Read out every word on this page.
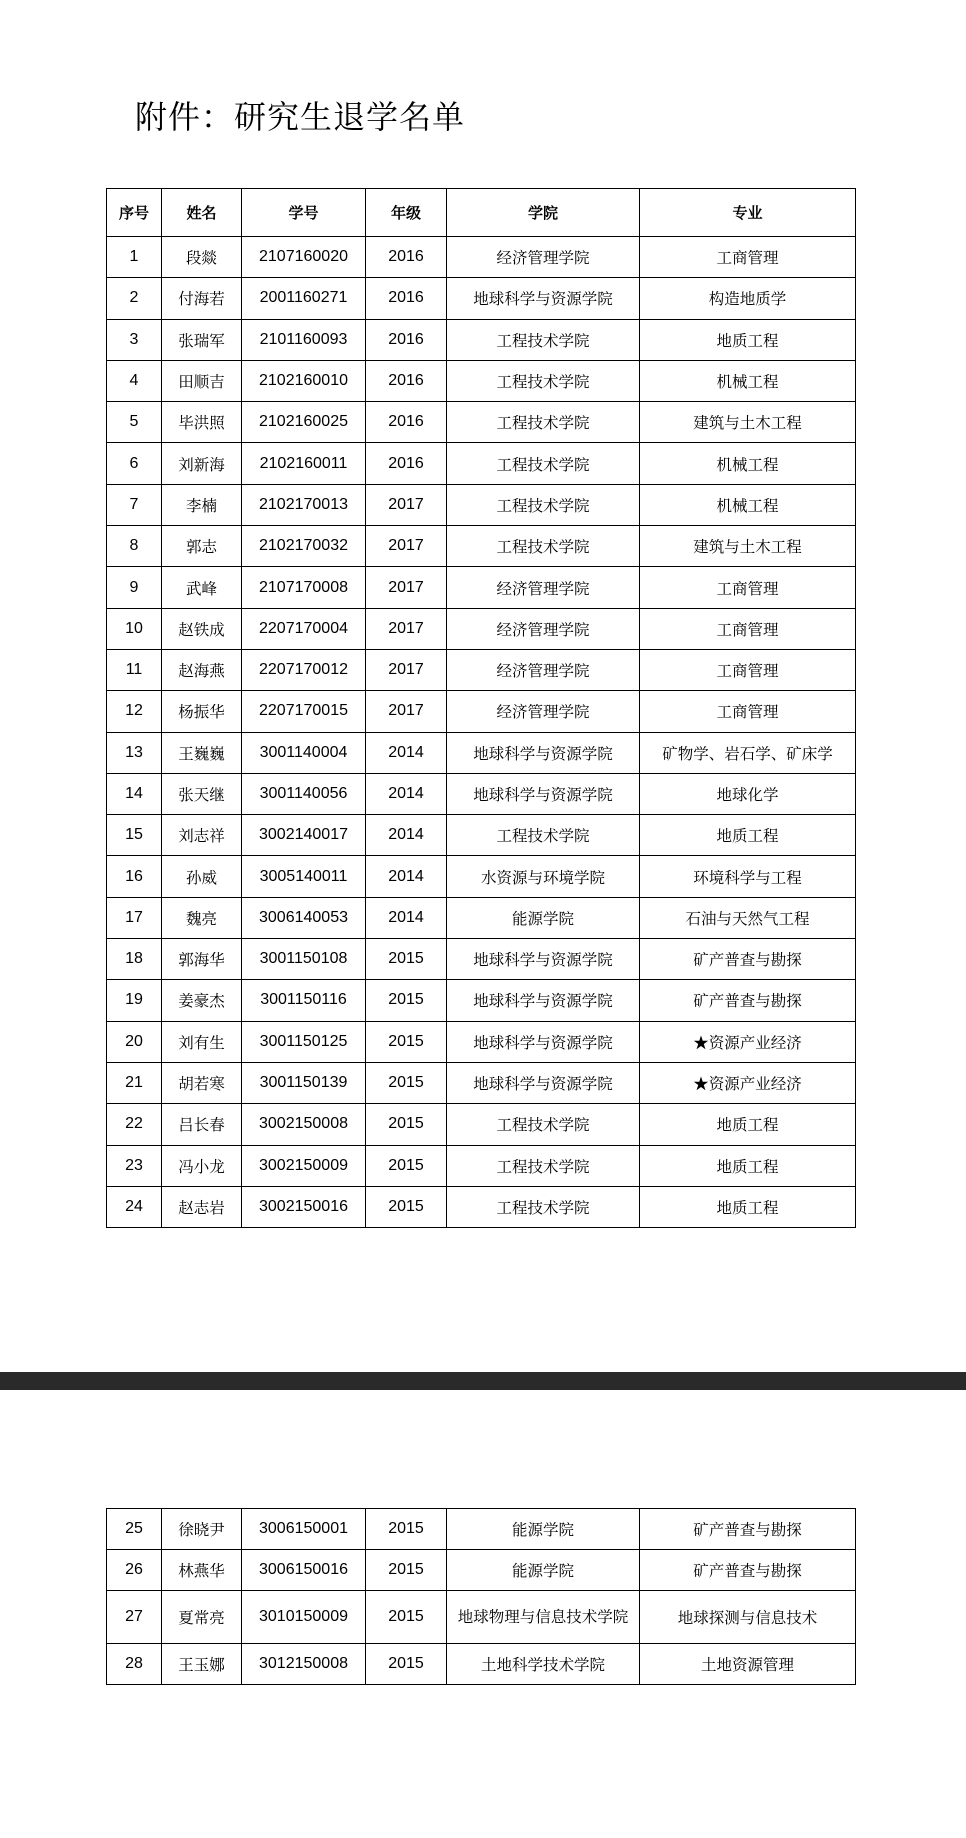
附件：研究生退学名单
序号	姓名	学号	年级	学院	专业
1	段燚	2107160020	2016	经济管理学院	工商管理
2	付海若	2001160271	2016	地球科学与资源学院	构造地质学
3	张瑞军	2101160093	2016	工程技术学院	地质工程
4	田顺吉	2102160010	2016	工程技术学院	机械工程
5	毕洪照	2102160025	2016	工程技术学院	建筑与土木工程
6	刘新海	2102160011	2016	工程技术学院	机械工程
7	李楠	2102170013	2017	工程技术学院	机械工程
8	郭志	2102170032	2017	工程技术学院	建筑与土木工程
9	武峰	2107170008	2017	经济管理学院	工商管理
10	赵铁成	2207170004	2017	经济管理学院	工商管理
11	赵海燕	2207170012	2017	经济管理学院	工商管理
12	杨振华	2207170015	2017	经济管理学院	工商管理
13	王巍巍	3001140004	2014	地球科学与资源学院	矿物学、岩石学、矿床学
14	张天继	3001140056	2014	地球科学与资源学院	地球化学
15	刘志祥	3002140017	2014	工程技术学院	地质工程
16	孙威	3005140011	2014	水资源与环境学院	环境科学与工程
17	魏亮	3006140053	2014	能源学院	石油与天然气工程
18	郭海华	3001150108	2015	地球科学与资源学院	矿产普查与勘探
19	姜豪杰	3001150116	2015	地球科学与资源学院	矿产普查与勘探
20	刘有生	3001150125	2015	地球科学与资源学院	★资源产业经济
21	胡若寒	3001150139	2015	地球科学与资源学院	★资源产业经济
22	吕长春	3002150008	2015	工程技术学院	地质工程
23	冯小龙	3002150009	2015	工程技术学院	地质工程
24	赵志岩	3002150016	2015	工程技术学院	地质工程
25	徐晓尹	3006150001	2015	能源学院	矿产普查与勘探
26	林燕华	3006150016	2015	能源学院	矿产普查与勘探
27	夏常亮	3010150009	2015	地球物理与信息技术学院	地球探测与信息技术
28	王玉娜	3012150008	2015	土地科学技术学院	土地资源管理
